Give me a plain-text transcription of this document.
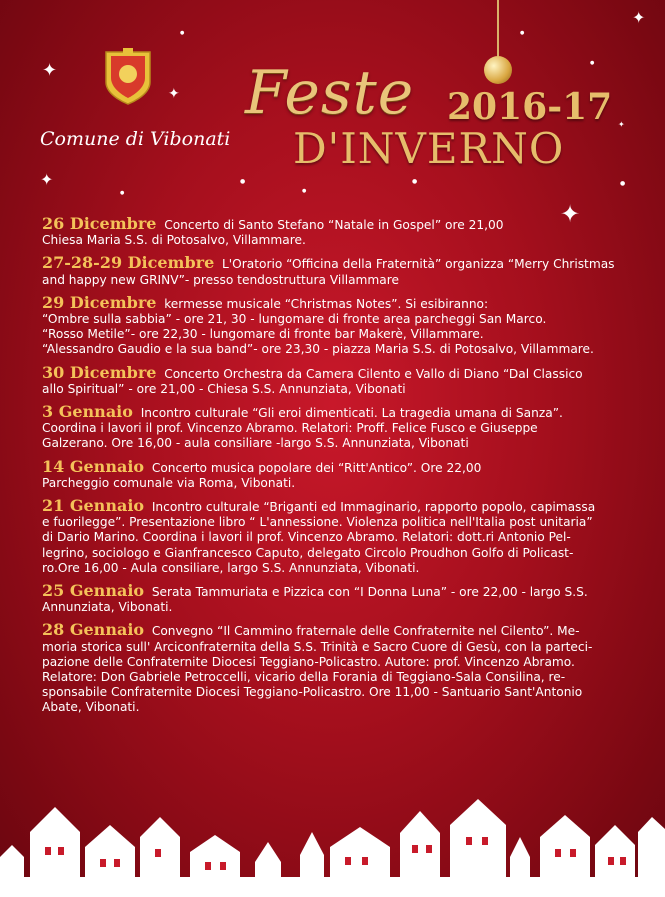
✦
✦
✦
✦
✦
✦
●
●
●
●
●
●
●
●
Comune di Vibonati
Feste 2016-17
D'INVERNO
26 Dicembre Concerto di Santo Stefano “Natale in Gospel” ore 21,00
Chiesa Maria S.S. di Potosalvo, Villammare.
27-28-29 Dicembre L'Oratorio “Officina della Fraternità” organizza “Merry Christmas
and happy new GRINV”- presso tendostruttura Villammare
29 Dicembre kermesse musicale “Christmas Notes”. Si esibiranno:
“Ombre sulla sabbia” - ore 21, 30 - lungomare di fronte area parcheggi San Marco.
“Rosso Metile”- ore 22,30 - lungomare di fronte bar Makerè, Villammare.
“Alessandro Gaudio e la sua band”- ore 23,30 - piazza Maria S.S. di Potosalvo, Villammare.
30 Dicembre Concerto Orchestra da Camera Cilento e Vallo di Diano “Dal Classico
allo Spiritual” - ore 21,00 - Chiesa S.S. Annunziata, Vibonati
3 Gennaio Incontro culturale “Gli eroi dimenticati. La tragedia umana di Sanza”.
Coordina i lavori il prof. Vincenzo Abramo. Relatori: Proff. Felice Fusco e Giuseppe
Galzerano. Ore 16,00 - aula consiliare -largo S.S. Annunziata, Vibonati
14 Gennaio Concerto musica popolare dei “Ritt'Antico”. Ore 22,00
Parcheggio comunale via Roma, Vibonati.
21 Gennaio Incontro culturale “Briganti ed Immaginario, rapporto popolo, capimassa
e fuorilegge”. Presentazione libro “ L'annessione. Violenza politica nell'Italia post unitaria”
di Dario Marino. Coordina i lavori il prof. Vincenzo Abramo. Relatori: dott.ri Antonio Pel-
legrino, sociologo e Gianfrancesco Caputo, delegato Circolo Proudhon Golfo di Policast-
ro.Ore 16,00 - Aula consiliare, largo S.S. Annunziata, Vibonati.
25 Gennaio Serata Tammuriata e Pizzica con “I Donna Luna” - ore 22,00 - largo S.S.
Annunziata, Vibonati.
28 Gennaio Convegno “Il Cammino fraternale delle Confraternite nel Cilento”. Me-
moria storica sull' Arciconfraternita della S.S. Trinità e Sacro Cuore di Gesù, con la parteci-
pazione delle Confraternite Diocesi Teggiano-Policastro. Autore: prof. Vincenzo Abramo.
Relatore: Don Gabriele Petroccelli, vicario della Forania di Teggiano-Sala Consilina, re-
sponsabile Confraternite Diocesi Teggiano-Policastro. Ore 11,00 - Santuario Sant'Antonio
Abate, Vibonati.
